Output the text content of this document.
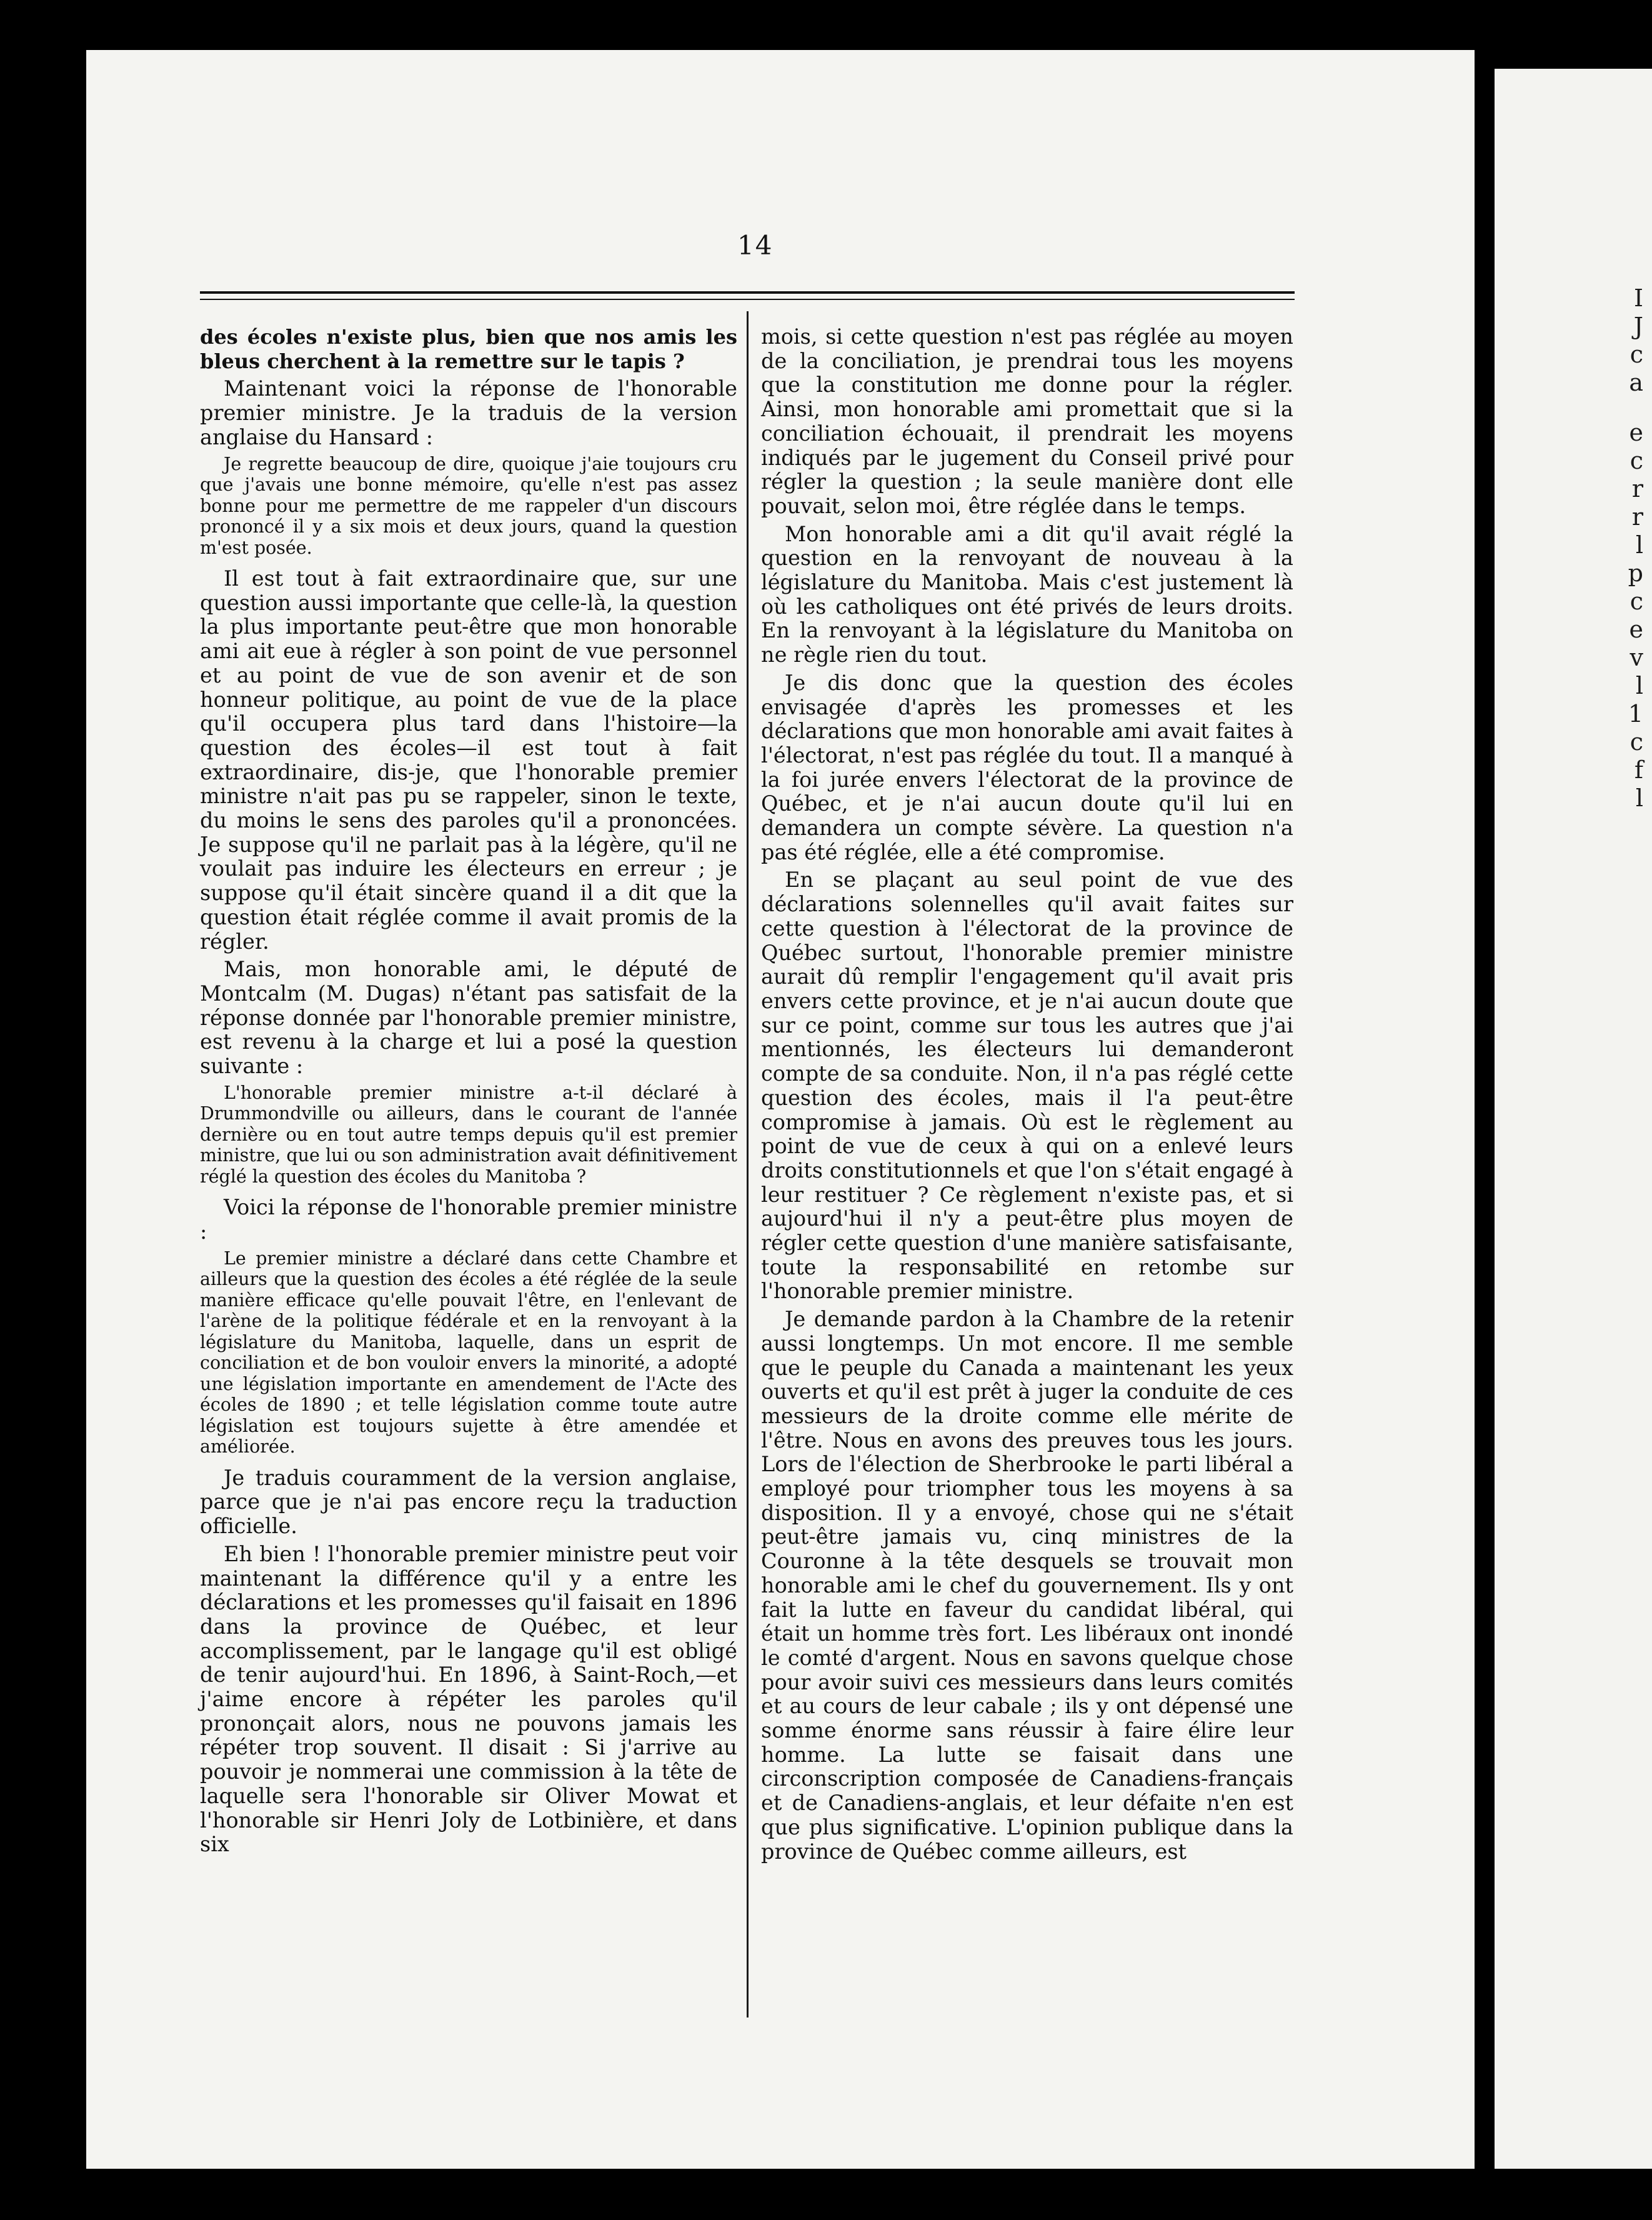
I
J
c
a
e
c
r
r
l
p
c
e
v
l
1
c
f
l
14

des écoles n'existe plus, bien que nos amis les bleus cherchent à la remettre sur le tapis ?

Maintenant voici la réponse de l'honorable premier ministre. Je la traduis de la version anglaise du Hansard :

Je regrette beaucoup de dire, quoique j'aie toujours cru que j'avais une bonne mémoire, qu'elle n'est pas assez bonne pour me permettre de me rappeler d'un discours prononcé il y a six mois et deux jours, quand la question m'est posée.

Il est tout à fait extraordinaire que, sur une question aussi importante que celle-là, la question la plus importante peut-être que mon honorable ami ait eue à régler à son point de vue personnel et au point de vue de son avenir et de son honneur politique, au point de vue de la place qu'il occupera plus tard dans l'histoire—la question des écoles—il est tout à fait extraordinaire, dis-je, que l'honorable premier ministre n'ait pas pu se rappeler, sinon le texte, du moins le sens des paroles qu'il a prononcées. Je suppose qu'il ne parlait pas à la légère, qu'il ne voulait pas induire les électeurs en erreur ; je suppose qu'il était sincère quand il a dit que la question était réglée comme il avait promis de la régler.

Mais, mon honorable ami, le député de Montcalm (M. Dugas) n'étant pas satisfait de la réponse donnée par l'honorable premier ministre, est revenu à la charge et lui a posé la question suivante :

L'honorable premier ministre a-t-il déclaré à Drummondville ou ailleurs, dans le courant de l'année dernière ou en tout autre temps depuis qu'il est premier ministre, que lui ou son administration avait définitivement réglé la question des écoles du Manitoba ?

Voici la réponse de l'honorable premier ministre :

Le premier ministre a déclaré dans cette Chambre et ailleurs que la question des écoles a été réglée de la seule manière efficace qu'elle pouvait l'être, en l'enlevant de l'arène de la politique fédérale et en la renvoyant à la législature du Manitoba, laquelle, dans un esprit de conciliation et de bon vouloir envers la minorité, a adopté une législation importante en amendement de l'Acte des écoles de 1890 ; et telle législation comme toute autre législation est toujours sujette à être amendée et améliorée.

Je traduis couramment de la version anglaise, parce que je n'ai pas encore reçu la traduction officielle.

Eh bien ! l'honorable premier ministre peut voir maintenant la différence qu'il y a entre les déclarations et les promesses qu'il faisait en 1896 dans la province de Québec, et leur accomplissement, par le langage qu'il est obligé de tenir aujourd'hui. En 1896, à Saint-Roch,—et j'aime encore à répéter les paroles qu'il prononçait alors, nous ne pouvons jamais les répéter trop souvent. Il disait : Si j'arrive au pouvoir je nommerai une commission à la tête de laquelle sera l'honorable sir Oliver Mowat et l'honorable sir Henri Joly de Lotbinière, et dans six

mois, si cette question n'est pas réglée au moyen de la conciliation, je prendrai tous les moyens que la constitution me donne pour la régler. Ainsi, mon honorable ami promettait que si la conciliation échouait, il prendrait les moyens indiqués par le jugement du Conseil privé pour régler la question ; la seule manière dont elle pouvait, selon moi, être réglée dans le temps.

Mon honorable ami a dit qu'il avait réglé la question en la renvoyant de nouveau à la législature du Manitoba. Mais c'est justement là où les catholiques ont été privés de leurs droits. En la renvoyant à la législature du Manitoba on ne règle rien du tout.

Je dis donc que la question des écoles envisagée d'après les promesses et les déclarations que mon honorable ami avait faites à l'électorat, n'est pas réglée du tout. Il a manqué à la foi jurée envers l'électorat de la province de Québec, et je n'ai aucun doute qu'il lui en demandera un compte sévère. La question n'a pas été réglée, elle a été compromise.

En se plaçant au seul point de vue des déclarations solennelles qu'il avait faites sur cette question à l'électorat de la province de Québec surtout, l'honorable premier ministre aurait dû remplir l'engagement qu'il avait pris envers cette province, et je n'ai aucun doute que sur ce point, comme sur tous les autres que j'ai mentionnés, les électeurs lui demanderont compte de sa conduite. Non, il n'a pas réglé cette question des écoles, mais il l'a peut-être compromise à jamais. Où est le règlement au point de vue de ceux à qui on a enlevé leurs droits constitutionnels et que l'on s'était engagé à leur restituer ? Ce règlement n'existe pas, et si aujourd'hui il n'y a peut-être plus moyen de régler cette question d'une manière satisfaisante, toute la responsabilité en retombe sur l'honorable premier ministre.

Je demande pardon à la Chambre de la retenir aussi longtemps. Un mot encore. Il me semble que le peuple du Canada a maintenant les yeux ouverts et qu'il est prêt à juger la conduite de ces messieurs de la droite comme elle mérite de l'être. Nous en avons des preuves tous les jours. Lors de l'élection de Sherbrooke le parti libéral a employé pour triompher tous les moyens à sa disposition. Il y a envoyé, chose qui ne s'était peut-être jamais vu, cinq ministres de la Couronne à la tête desquels se trouvait mon honorable ami le chef du gouvernement. Ils y ont fait la lutte en faveur du candidat libéral, qui était un homme très fort. Les libéraux ont inondé le comté d'argent. Nous en savons quelque chose pour avoir suivi ces messieurs dans leurs comités et au cours de leur cabale ; ils y ont dépensé une somme énorme sans réussir à faire élire leur homme. La lutte se faisait dans une circonscription composée de Canadiens-français et de Canadiens-anglais, et leur défaite n'en est que plus significative. L'opinion publique dans la province de Québec comme ailleurs, est
